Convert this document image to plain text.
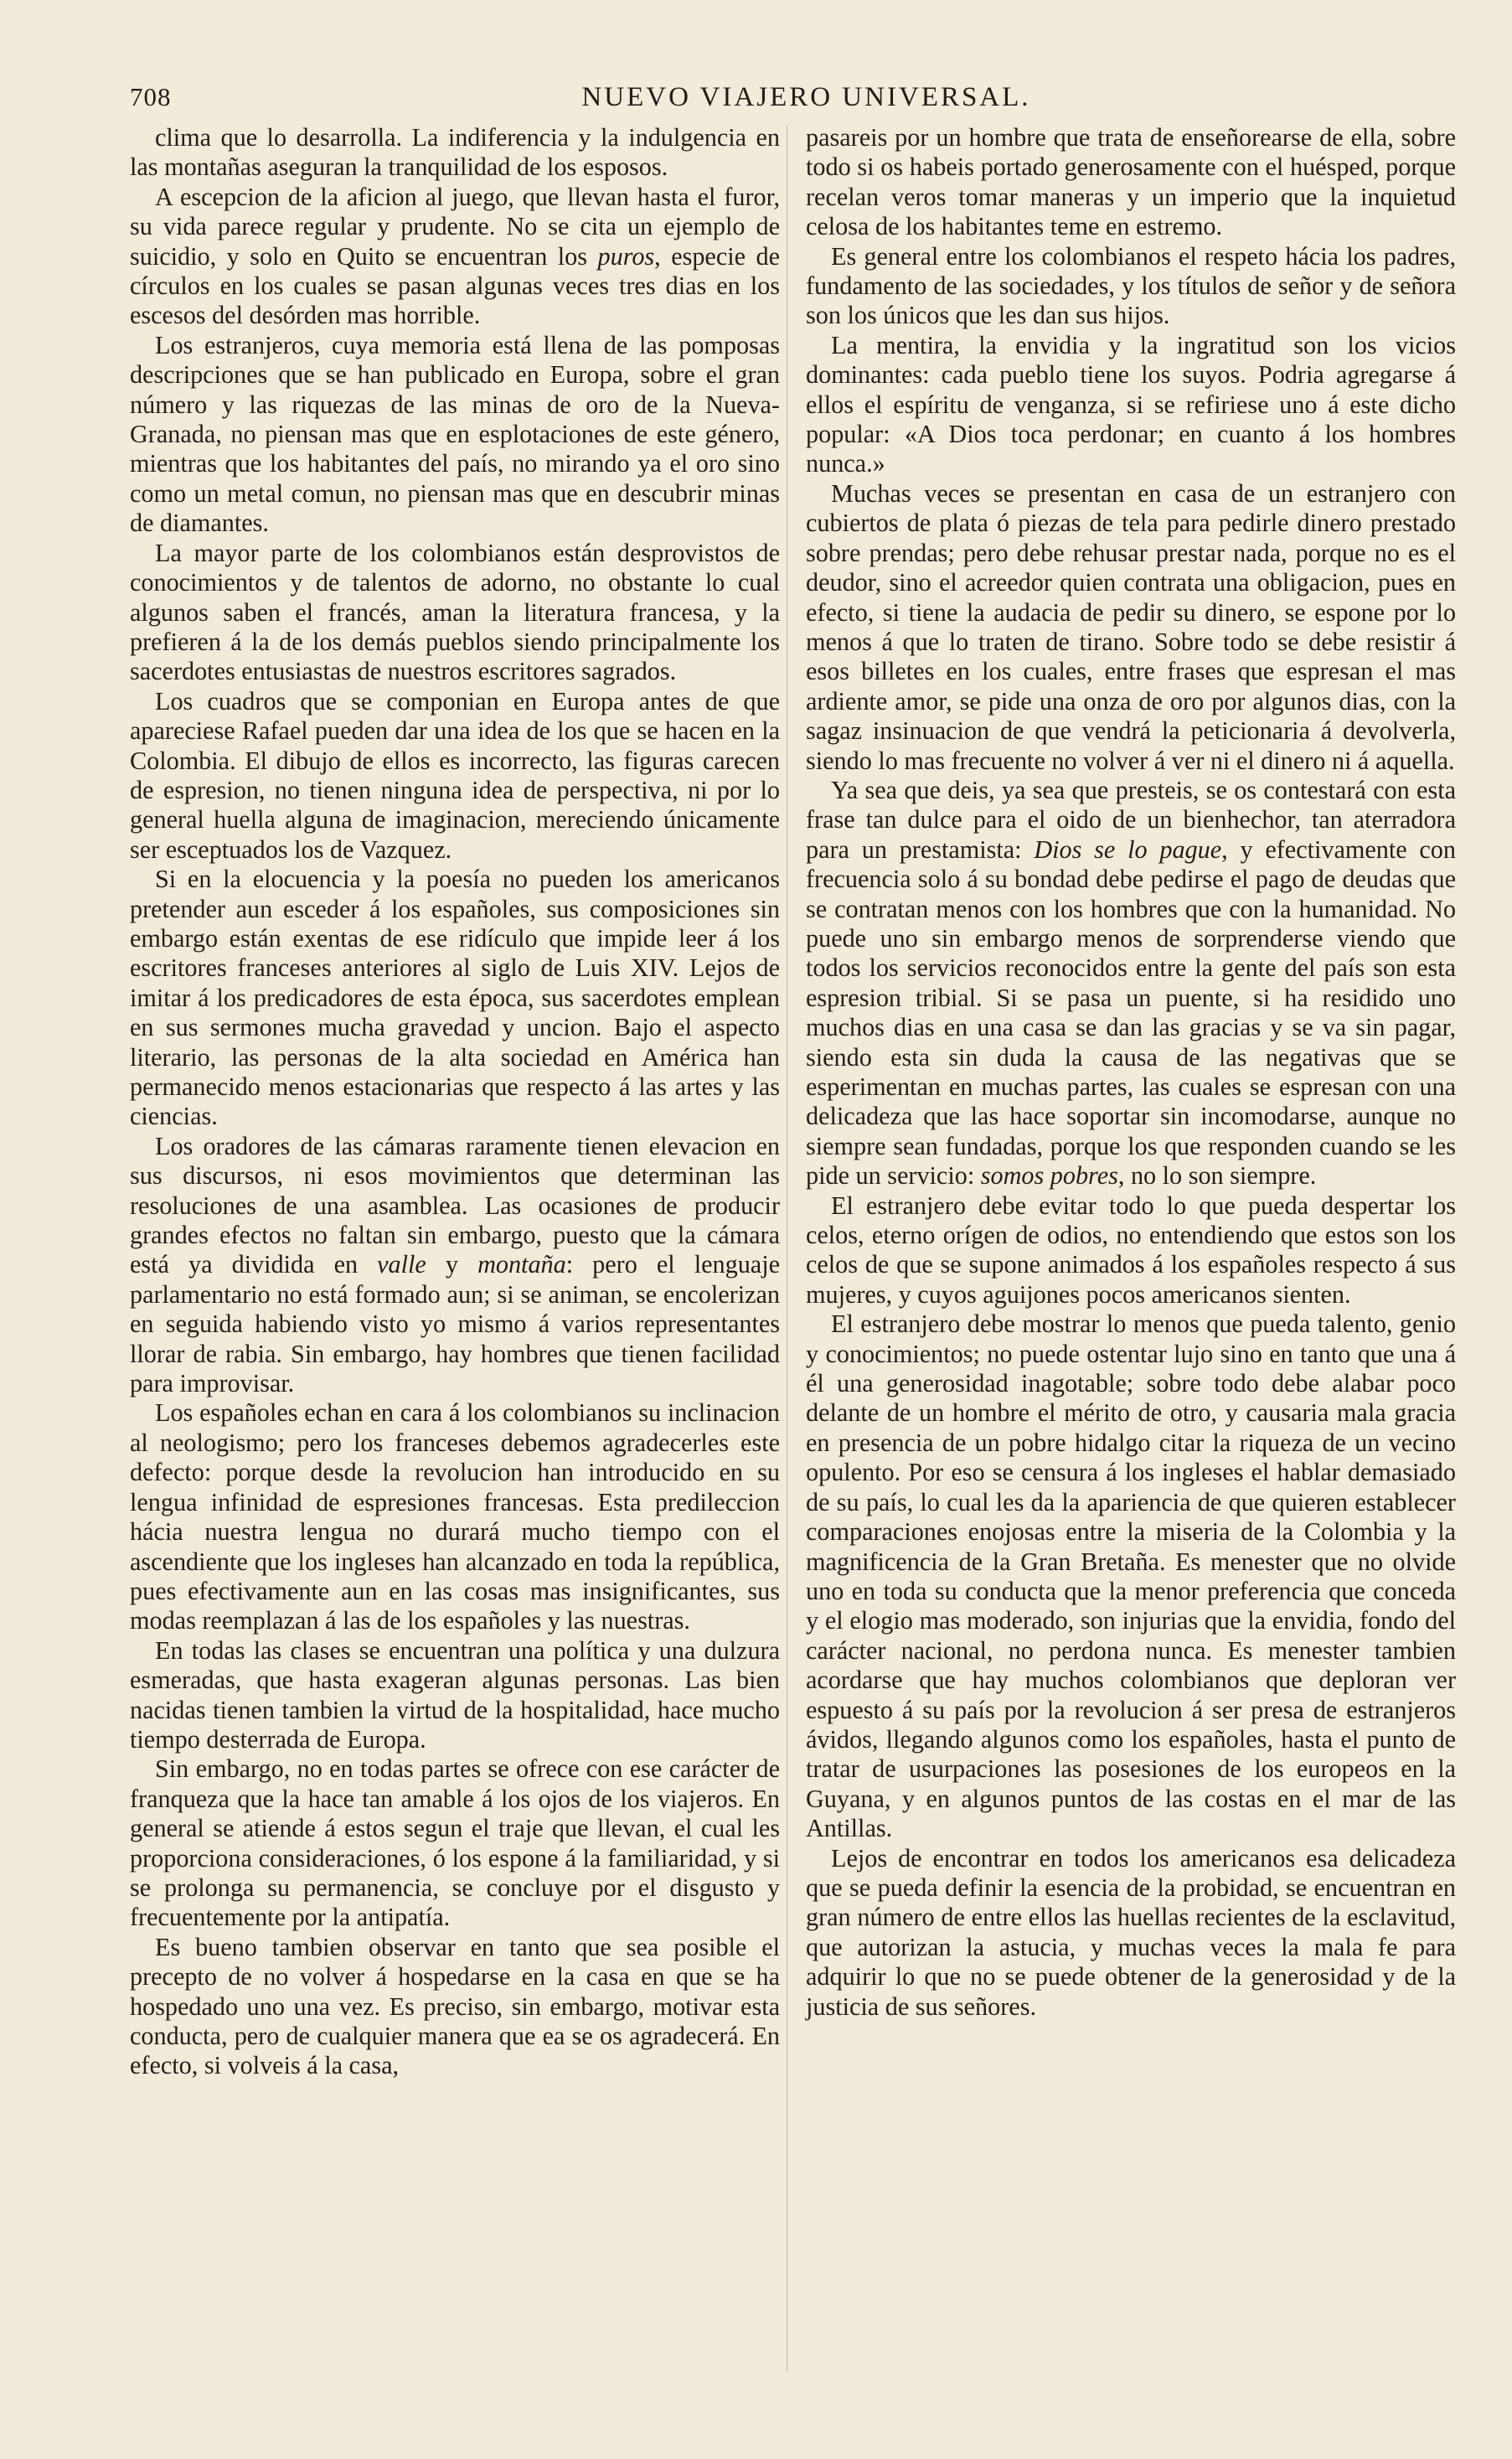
708	NUEVO VIAJERO UNIVERSAL.

clima que lo desarrolla. La indiferencia y la indulgencia en las montañas aseguran la tranquilidad de los esposos.

A escepcion de la aficion al juego, que llevan hasta el furor, su vida parece regular y prudente. No se cita un ejemplo de suicidio, y solo en Quito se encuentran los puros, especie de círculos en los cuales se pasan algunas veces tres dias en los escesos del desórden mas horrible.

Los estranjeros, cuya memoria está llena de las pomposas descripciones que se han publicado en Europa, sobre el gran número y las riquezas de las minas de oro de la Nueva-Granada, no piensan mas que en esplotaciones de este género, mientras que los habitantes del país, no mirando ya el oro sino como un metal comun, no piensan mas que en descubrir minas de diamantes.

La mayor parte de los colombianos están desprovistos de conocimientos y de talentos de adorno, no obstante lo cual algunos saben el francés, aman la literatura francesa, y la prefieren á la de los demás pueblos siendo principalmente los sacerdotes entusiastas de nuestros escritores sagrados.

Los cuadros que se componian en Europa antes de que apareciese Rafael pueden dar una idea de los que se hacen en la Colombia. El dibujo de ellos es incorrecto, las figuras carecen de espresion, no tienen ninguna idea de perspectiva, ni por lo general huella alguna de imaginacion, mereciendo únicamente ser esceptuados los de Vazquez.

Si en la elocuencia y la poesía no pueden los americanos pretender aun esceder á los españoles, sus composiciones sin embargo están exentas de ese ridículo que impide leer á los escritores franceses anteriores al siglo de Luis XIV. Lejos de imitar á los predicadores de esta época, sus sacerdotes emplean en sus sermones mucha gravedad y uncion. Bajo el aspecto literario, las personas de la alta sociedad en América han permanecido menos estacionarias que respecto á las artes y las ciencias.

Los oradores de las cámaras raramente tienen elevacion en sus discursos, ni esos movimientos que determinan las resoluciones de una asamblea. Las ocasiones de producir grandes efectos no faltan sin embargo, puesto que la cámara está ya dividida en valle y montaña: pero el lenguaje parlamentario no está formado aun; si se animan, se encolerizan en seguida habiendo visto yo mismo á varios representantes llorar de rabia. Sin embargo, hay hombres que tienen facilidad para improvisar.

Los españoles echan en cara á los colombianos su inclinacion al neologismo; pero los franceses debemos agradecerles este defecto: porque desde la revolucion han introducido en su lengua infinidad de espresiones francesas. Esta predileccion hácia nuestra lengua no durará mucho tiempo con el ascendiente que los ingleses han alcanzado en toda la república, pues efectivamente aun en las cosas mas insignificantes, sus modas reemplazan á las de los españoles y las nuestras.

En todas las clases se encuentran una política y una dulzura esmeradas, que hasta exageran algunas personas. Las bien nacidas tienen tambien la virtud de la hospitalidad, hace mucho tiempo desterrada de Europa.

Sin embargo, no en todas partes se ofrece con ese carácter de franqueza que la hace tan amable á los ojos de los viajeros. En general se atiende á estos segun el traje que llevan, el cual les proporciona consideraciones, ó los espone á la familiaridad, y si se prolonga su permanencia, se concluye por el disgusto y frecuentemente por la antipatía.

Es bueno tambien observar en tanto que sea posible el precepto de no volver á hospedarse en la casa en que se ha hospedado uno una vez. Es preciso, sin embargo, motivar esta conducta, pero de cualquier manera que ea se os agradecerá. En efecto, si volveis á la casa,

pasareis por un hombre que trata de enseñorearse de ella, sobre todo si os habeis portado generosamente con el huésped, porque recelan veros tomar maneras y un imperio que la inquietud celosa de los habitantes teme en estremo.

Es general entre los colombianos el respeto hácia los padres, fundamento de las sociedades, y los títulos de señor y de señora son los únicos que les dan sus hijos.

La mentira, la envidia y la ingratitud son los vicios dominantes: cada pueblo tiene los suyos. Podria agregarse á ellos el espíritu de venganza, si se refiriese uno á este dicho popular: «A Dios toca perdonar; en cuanto á los hombres nunca.»

Muchas veces se presentan en casa de un estranjero con cubiertos de plata ó piezas de tela para pedirle dinero prestado sobre prendas; pero debe rehusar prestar nada, porque no es el deudor, sino el acreedor quien contrata una obligacion, pues en efecto, si tiene la audacia de pedir su dinero, se espone por lo menos á que lo traten de tirano. Sobre todo se debe resistir á esos billetes en los cuales, entre frases que espresan el mas ardiente amor, se pide una onza de oro por algunos dias, con la sagaz insinuacion de que vendrá la peticionaria á devolverla, siendo lo mas frecuente no volver á ver ni el dinero ni á aquella.

Ya sea que deis, ya sea que presteis, se os contestará con esta frase tan dulce para el oido de un bienhechor, tan aterradora para un prestamista: Dios se lo pague, y efectivamente con frecuencia solo á su bondad debe pedirse el pago de deudas que se contratan menos con los hombres que con la humanidad. No puede uno sin embargo menos de sorprenderse viendo que todos los servicios reconocidos entre la gente del país son esta espresion tribial. Si se pasa un puente, si ha residido uno muchos dias en una casa se dan las gracias y se va sin pagar, siendo esta sin duda la causa de las negativas que se esperimentan en muchas partes, las cuales se espresan con una delicadeza que las hace soportar sin incomodarse, aunque no siempre sean fundadas, porque los que responden cuando se les pide un servicio: somos pobres, no lo son siempre.

El estranjero debe evitar todo lo que pueda despertar los celos, eterno orígen de odios, no entendiendo que estos son los celos de que se supone animados á los españoles respecto á sus mujeres, y cuyos aguijones pocos americanos sienten.

El estranjero debe mostrar lo menos que pueda talento, genio y conocimientos; no puede ostentar lujo sino en tanto que una á él una generosidad inagotable; sobre todo debe alabar poco delante de un hombre el mérito de otro, y causaria mala gracia en presencia de un pobre hidalgo citar la riqueza de un vecino opulento. Por eso se censura á los ingleses el hablar demasiado de su país, lo cual les da la apariencia de que quieren establecer comparaciones enojosas entre la miseria de la Colombia y la magnificencia de la Gran Bretaña. Es menester que no olvide uno en toda su conducta que la menor preferencia que conceda y el elogio mas moderado, son injurias que la envidia, fondo del carácter nacional, no perdona nunca. Es menester tambien acordarse que hay muchos colombianos que deploran ver espuesto á su país por la revolucion á ser presa de estranjeros ávidos, llegando algunos como los españoles, hasta el punto de tratar de usurpaciones las posesiones de los europeos en la Guyana, y en algunos puntos de las costas en el mar de las Antillas.

Lejos de encontrar en todos los americanos esa delicadeza que se pueda definir la esencia de la probidad, se encuentran en gran número de entre ellos las huellas recientes de la esclavitud, que autorizan la astucia, y muchas veces la mala fe para adquirir lo que no se puede obtener de la generosidad y de la justicia de sus señores.
